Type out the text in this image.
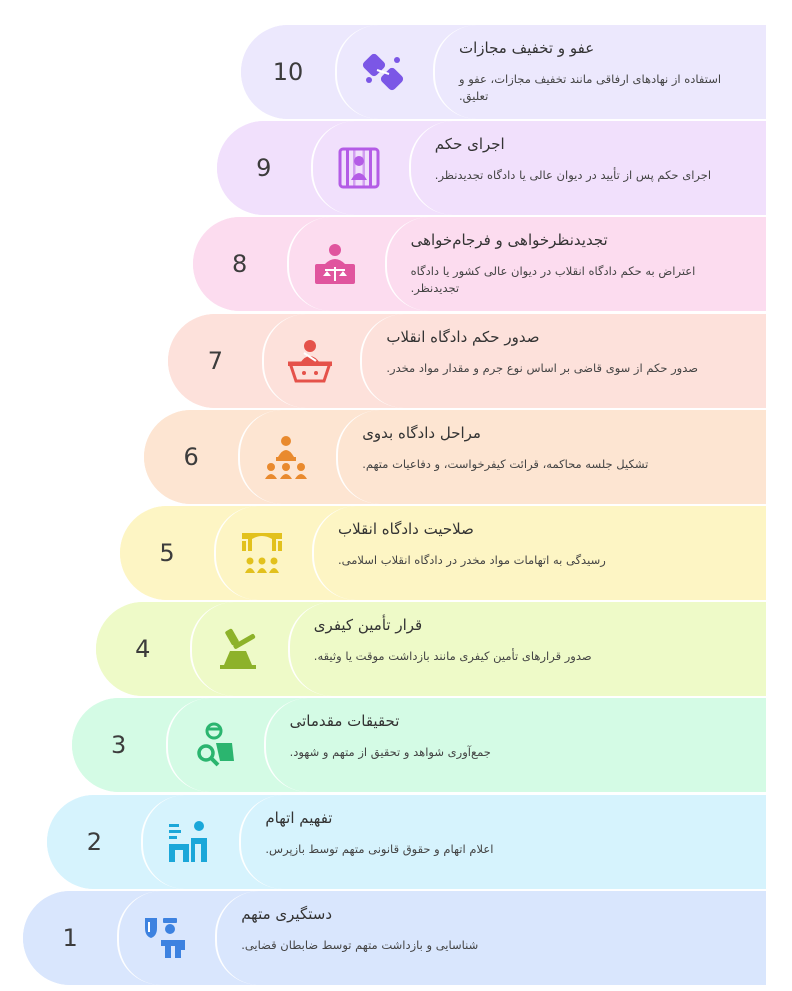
10
عفو و تخفیف مجازات
استفاده از نهادهای ارفاقی مانند تخفیف مجازات، عفو و تعلیق.
9
اجرای حکم
اجرای حکم پس از تأیید در دیوان عالی یا دادگاه تجدیدنظر.
8
تجدیدنظرخواهی و فرجام‌خواهی
اعتراض به حکم دادگاه انقلاب در دیوان عالی کشور یا دادگاه تجدیدنظر.
7
صدور حکم دادگاه انقلاب
صدور حکم از سوی قاضی بر اساس نوع جرم و مقدار مواد مخدر.
6
مراحل دادگاه بدوی
تشکیل جلسه محاکمه، قرائت کیفرخواست، و دفاعیات متهم.
5
صلاحیت دادگاه انقلاب
رسیدگی به اتهامات مواد مخدر در دادگاه انقلاب اسلامی.
4
قرار تأمین کیفری
صدور قرارهای تأمین کیفری مانند بازداشت موقت یا وثیقه.
3
تحقیقات مقدماتی
جمع‌آوری شواهد و تحقیق از متهم و شهود.
2
تفهیم اتهام
اعلام اتهام و حقوق قانونی متهم توسط بازپرس.
1
دستگیری متهم
شناسایی و بازداشت متهم توسط ضابطان قضایی.
